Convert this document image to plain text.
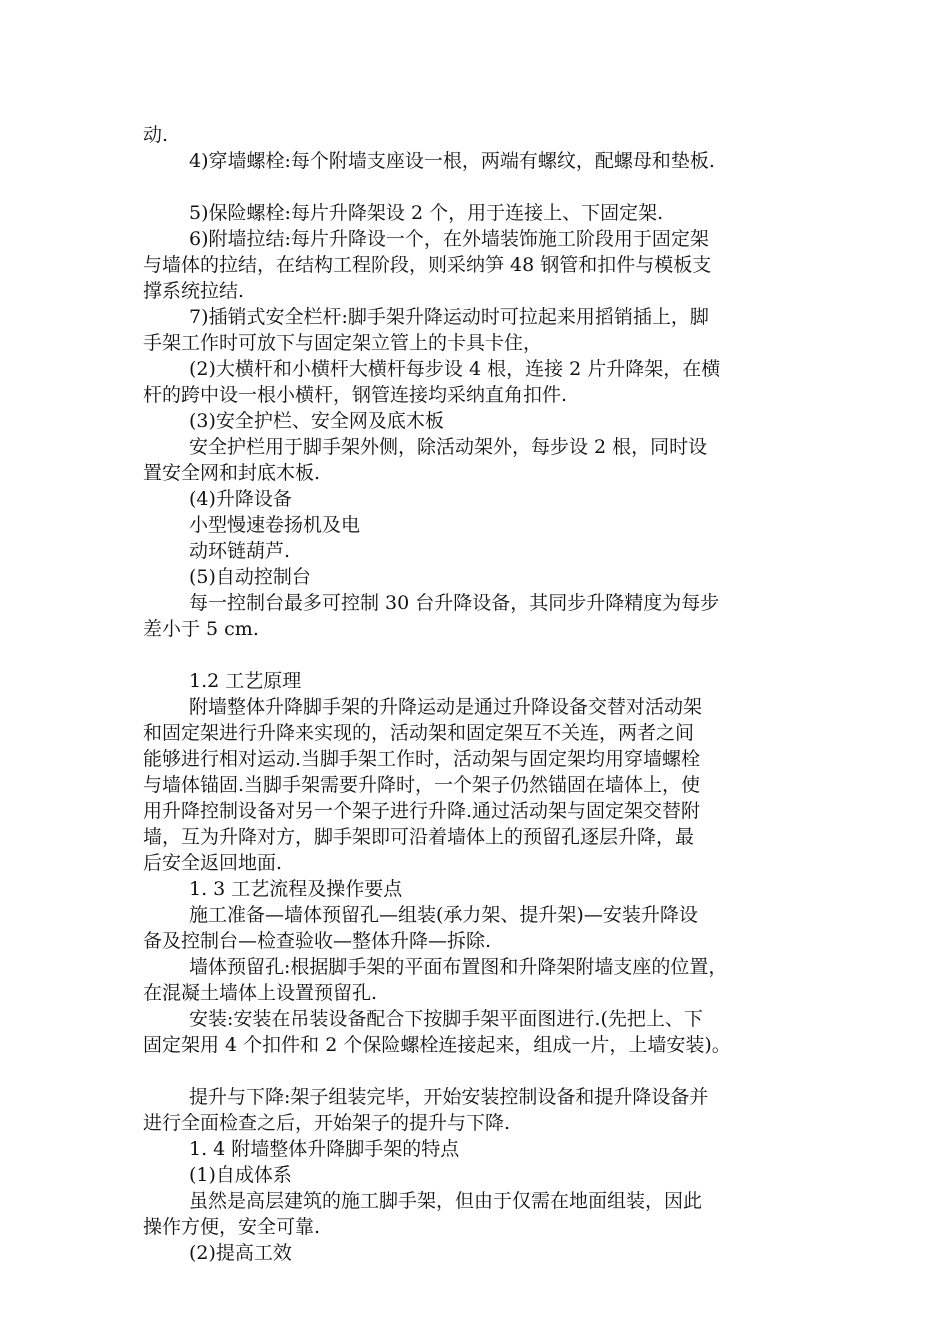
动.
4)穿墙螺栓:每个附墙支座设一根，两端有螺纹，配螺母和垫板.
5)保险螺栓:每片升降架设 2 个，用于连接上、下固定架.
6)附墙拉结:每片升降设一个，在外墙装饰施工阶段用于固定架
与墙体的拉结，在结构工程阶段，则采纳笋 48 钢管和扣件与模板支
撑系统拉结.
7)插销式安全栏杆:脚手架升降运动时可拉起来用搯销插上，脚
手架工作时可放下与固定架立管上的卡具卡住，
(2)大横杆和小横杆大横杆每步设 4 根，连接 2 片升降架，在横
杆的跨中设一根小横杆，钢管连接均采纳直角扣件.
(3)安全护栏、安全网及底木板
安全护栏用于脚手架外侧，除活动架外，每步设 2 根，同时设
置安全网和封底木板.
(4)升降设备
小型慢速卷扬机及电
动环链葫芦.
(5)自动控制台
每一控制台最多可控制 30 台升降设备，其同步升降精度为每步
差小于 5 cm.
1.2 工艺原理
附墙整体升降脚手架的升降运动是通过升降设备交替对活动架
和固定架进行升降来实现的，活动架和固定架互不关连，两者之间
能够进行相对运动.当脚手架工作时，活动架与固定架均用穿墙螺栓
与墙体锚固.当脚手架需要升降时，一个架子仍然锚固在墙体上，使
用升降控制设备对另一个架子进行升降.通过活动架与固定架交替附
墙，互为升降对方，脚手架即可沿着墙体上的预留孔逐层升降，最
后安全返回地面.
1. 3 工艺流程及操作要点
施工准备—墙体预留孔—组装(承力架、提升架)—安装升降设
备及控制台—检查验收—整体升降—拆除.
墙体预留孔:根据脚手架的平面布置图和升降架附墙支座的位置，
在混凝土墙体上设置预留孔.
安装:安装在吊装设备配合下按脚手架平面图进行.(先把上、下
固定架用 4 个扣件和 2 个保险螺栓连接起来，组成一片，上墙安装)。
提升与下降:架子组装完毕，开始安装控制设备和提升降设备并
进行全面检查之后，开始架子的提升与下降.
1. 4 附墙整体升降脚手架的特点
(1)自成体系
虽然是高层建筑的施工脚手架，但由于仅需在地面组装，因此
操作方便，安全可靠.
(2)提高工效
